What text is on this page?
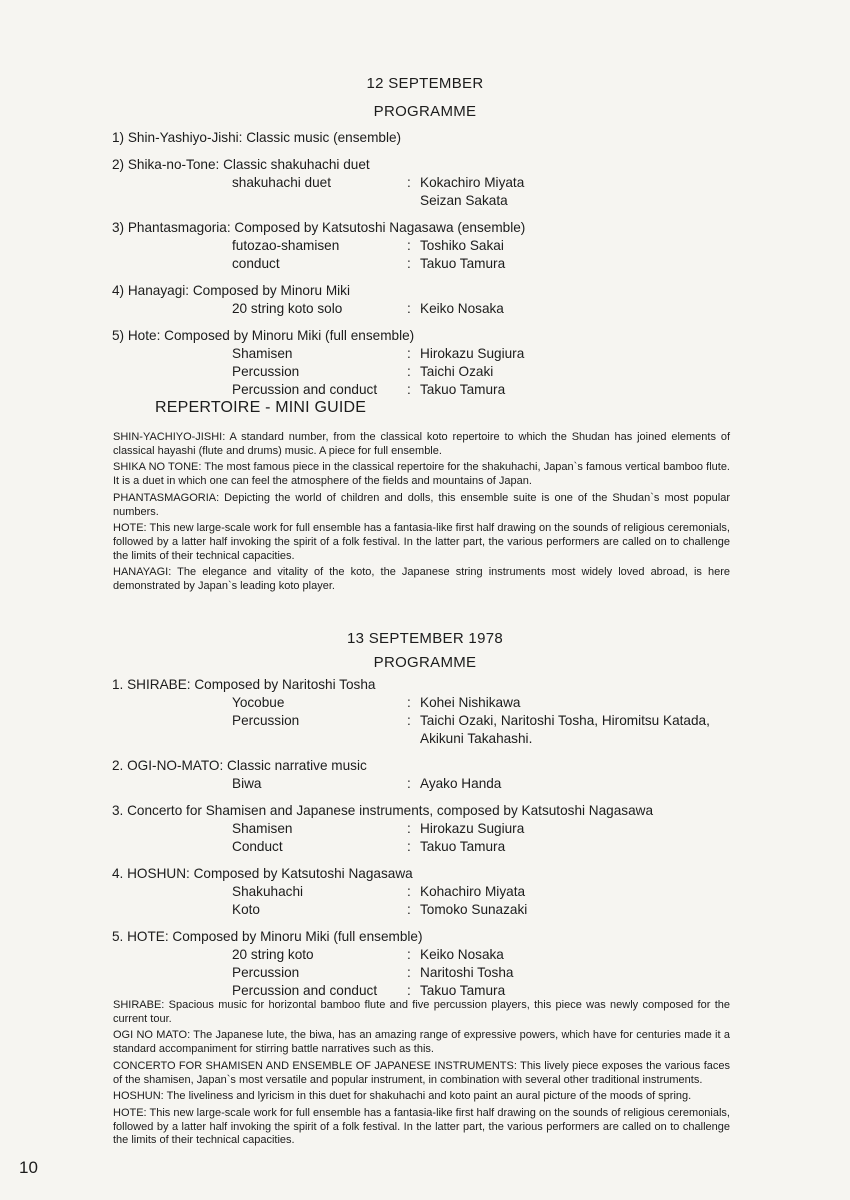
12 SEPTEMBER
PROGRAMME
1) Shin-Yashiyo-Jishi: Classic music (ensemble)
2) Shika-no-Tone: Classic shakuhachi duet
shakuhachi duet	: Kokachiro Miyata
Seizan Sakata
3) Phantasmagoria: Composed by Katsutoshi Nagasawa (ensemble)
futozao-shamisen	: Toshiko Sakai
conduct	: Takuo Tamura
4) Hanayagi: Composed by Minoru Miki
20 string koto solo	: Keiko Nosaka
5) Hote: Composed by Minoru Miki (full ensemble)
Shamisen	: Hirokazu Sugiura
Percussion	: Taichi Ozaki
Percussion and conduct	: Takuo Tamura
REPERTOIRE - MINI GUIDE

SHIN-YACHIYO-JISHI: A standard number, from the classical koto repertoire to which the Shudan has joined elements of classical hayashi (flute and drums) music. A piece for full ensemble.

SHIKA NO TONE: The most famous piece in the classical repertoire for the shakuhachi, Japan`s famous vertical bamboo flute. It is a duet in which one can feel the atmosphere of the fields and mountains of Japan.

PHANTASMAGORIA: Depicting the world of children and dolls, this ensemble suite is one of the Shudan`s most popular numbers.

HOTE: This new large-scale work for full ensemble has a fantasia-like first half drawing on the sounds of religious ceremonials, followed by a latter half invoking the spirit of a folk festival. In the latter part, the various performers are called on to challenge the limits of their technical capacities.

HANAYAGI: The elegance and vitality of the koto, the Japanese string instruments most widely loved abroad, is here demonstrated by Japan`s leading koto player.

13 SEPTEMBER 1978
PROGRAMME
1. SHIRABE: Composed by Naritoshi Tosha
Yocobue	: Kohei Nishikawa
Percussion	: Taichi Ozaki, Naritoshi Tosha, Hiromitsu Katada,
Akikuni Takahashi.
2. OGI-NO-MATO: Classic narrative music
Biwa	: Ayako Handa
3. Concerto for Shamisen and Japanese instruments, composed by Katsutoshi Nagasawa
Shamisen	: Hirokazu Sugiura
Conduct	: Takuo Tamura
4. HOSHUN: Composed by Katsutoshi Nagasawa
Shakuhachi	: Kohachiro Miyata
Koto	: Tomoko Sunazaki
5. HOTE: Composed by Minoru Miki (full ensemble)
20 string koto	: Keiko Nosaka
Percussion	: Naritoshi Tosha
Percussion and conduct	: Takuo Tamura

SHIRABE: Spacious music for horizontal bamboo flute and five percussion players, this piece was newly composed for the current tour.

OGI NO MATO: The Japanese lute, the biwa, has an amazing range of expressive powers, which have for centuries made it a standard accompaniment for stirring battle narratives such as this.

CONCERTO FOR SHAMISEN AND ENSEMBLE OF JAPANESE INSTRUMENTS: This lively piece exposes the various faces of the shamisen, Japan`s most versatile and popular instrument, in combination with several other traditional instruments.

HOSHUN: The liveliness and lyricism in this duet for shakuhachi and koto paint an aural picture of the moods of spring.

HOTE: This new large-scale work for full ensemble has a fantasia-like first half drawing on the sounds of religious ceremonials, followed by a latter half invoking the spirit of a folk festival. In the latter part, the various performers are called on to challenge the limits of their technical capacities.

10
